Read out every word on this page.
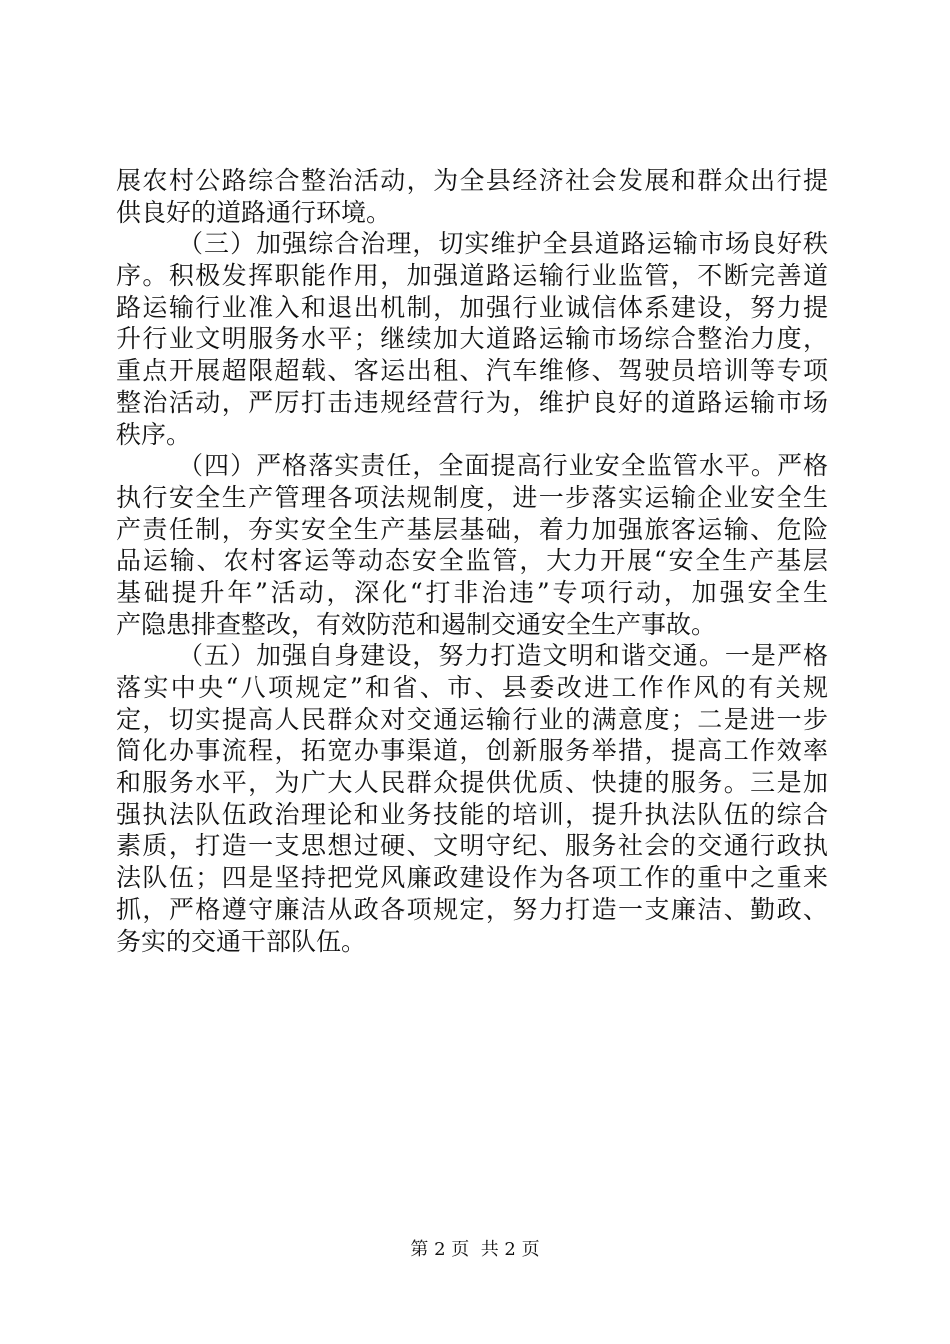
展农村公路综合整治活动，为全县经济社会发展和群众出行提
供良好的道路通行环境。
（三）加强综合治理，切实维护全县道路运输市场良好秩
序。积极发挥职能作用，加强道路运输行业监管，不断完善道
路运输行业准入和退出机制，加强行业诚信体系建设，努力提
升行业文明服务水平；继续加大道路运输市场综合整治力度，
重点开展超限超载、客运出租、汽车维修、驾驶员培训等专项
整治活动，严厉打击违规经营行为，维护良好的道路运输市场
秩序。
（四）严格落实责任，全面提高行业安全监管水平。严格
执行安全生产管理各项法规制度，进一步落实运输企业安全生
产责任制，夯实安全生产基层基础，着力加强旅客运输、危险
品运输、农村客运等动态安全监管，大力开展“安全生产基层
基础提升年”活动，深化“打非治违”专项行动，加强安全生
产隐患排查整改，有效防范和遏制交通安全生产事故。
（五）加强自身建设，努力打造文明和谐交通。一是严格
落实中央“八项规定”和省、市、县委改进工作作风的有关规
定，切实提高人民群众对交通运输行业的满意度；二是进一步
简化办事流程，拓宽办事渠道，创新服务举措，提高工作效率
和服务水平，为广大人民群众提供优质、快捷的服务。三是加
强执法队伍政治理论和业务技能的培训，提升执法队伍的综合
素质，打造一支思想过硬、文明守纪、服务社会的交通行政执
法队伍；四是坚持把党风廉政建设作为各项工作的重中之重来
抓，严格遵守廉洁从政各项规定，努力打造一支廉洁、勤政、
务实的交通干部队伍。
第 2 页  共 2 页
